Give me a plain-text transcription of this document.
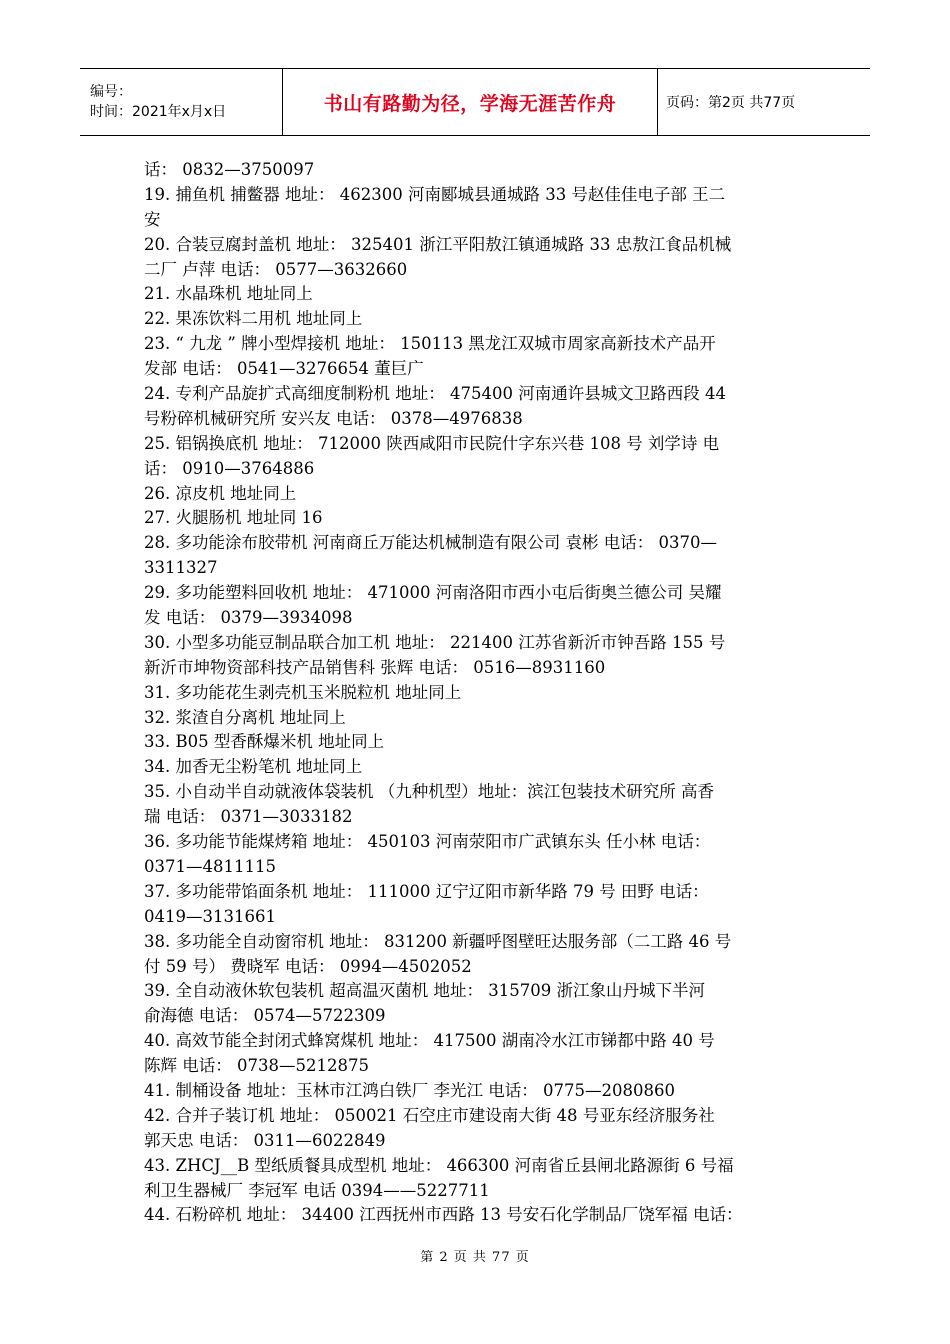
编号：
时间：2021年x月x日	书山有路勤为径，学海无涯苦作舟	页码：第2页 共77页
话： 0832—3750097
19. 捕鱼机 捕鳖器 地址： 462300 河南郾城县通城路 33 号赵佳佳电子部 王二
安
20. 合装豆腐封盖机 地址： 325401 浙江平阳敖江镇通城路 33 忠敖江食品机械
二厂 卢萍 电话： 0577—3632660
21. 水晶珠机 地址同上
22. 果冻饮料二用机 地址同上
23. “ 九龙 ” 牌小型焊接机 地址： 150113 黑龙江双城市周家高新技术产品开
发部 电话： 0541—3276654 董巨广
24. 专利产品旋扩式高细度制粉机 地址： 475400 河南通许县城文卫路西段 44
号粉碎机械研究所 安兴友 电话： 0378—4976838
25. 铝锅换底机 地址： 712000 陕西咸阳市民院什字东兴巷 108 号 刘学诗 电
话： 0910—3764886
26. 凉皮机 地址同上
27. 火腿肠机 地址同 16
28. 多功能涂布胶带机 河南商丘万能达机械制造有限公司 袁彬 电话： 0370—
3311327
29. 多功能塑料回收机 地址： 471000 河南洛阳市西小屯后街奥兰德公司 吴耀
发 电话： 0379—3934098
30. 小型多功能豆制品联合加工机 地址： 221400 江苏省新沂市钟吾路 155 号
新沂市坤物资部科技产品销售科 张辉 电话： 0516—8931160
31. 多功能花生剥壳机玉米脱粒机 地址同上
32. 浆渣自分离机 地址同上
33. B05 型香酥爆米机 地址同上
34. 加香无尘粉笔机 地址同上
35. 小自动半自动就液体袋装机 （九种机型）地址：滨江包装技术研究所 高香
瑞 电话： 0371—3033182
36. 多功能节能煤烤箱 地址： 450103 河南荥阳市广武镇东头 任小林 电话：
0371—4811115
37. 多功能带馅面条机 地址： 111000 辽宁辽阳市新华路 79 号 田野 电话：
0419—3131661
38. 多功能全自动窗帘机 地址： 831200 新疆呼图壁旺达服务部（二工路 46 号
付 59 号） 费晓军 电话： 0994—4502052
39. 全自动液休软包装机 超高温灭菌机 地址： 315709 浙江象山丹城下半河
俞海德 电话： 0574—5722309
40. 高效节能全封闭式蜂窝煤机 地址： 417500 湖南冷水江市锑都中路 40 号
陈辉 电话： 0738—5212875
41. 制桶设备 地址：玉林市江鸿白铁厂 李光江 电话： 0775—2080860
42. 合并子装订机 地址： 050021 石空庄市建设南大街 48 号亚东经济服务社
郭天忠 电话： 0311—6022849
43. ZHCJ__B 型纸质餐具成型机 地址： 466300 河南省丘县闸北路源街 6 号福
利卫生器械厂 李冠军 电话 0394——5227711
44. 石粉碎机 地址： 34400 江西抚州市西路 13 号安石化学制品厂饶军福 电话：
第 2 页 共 77 页
